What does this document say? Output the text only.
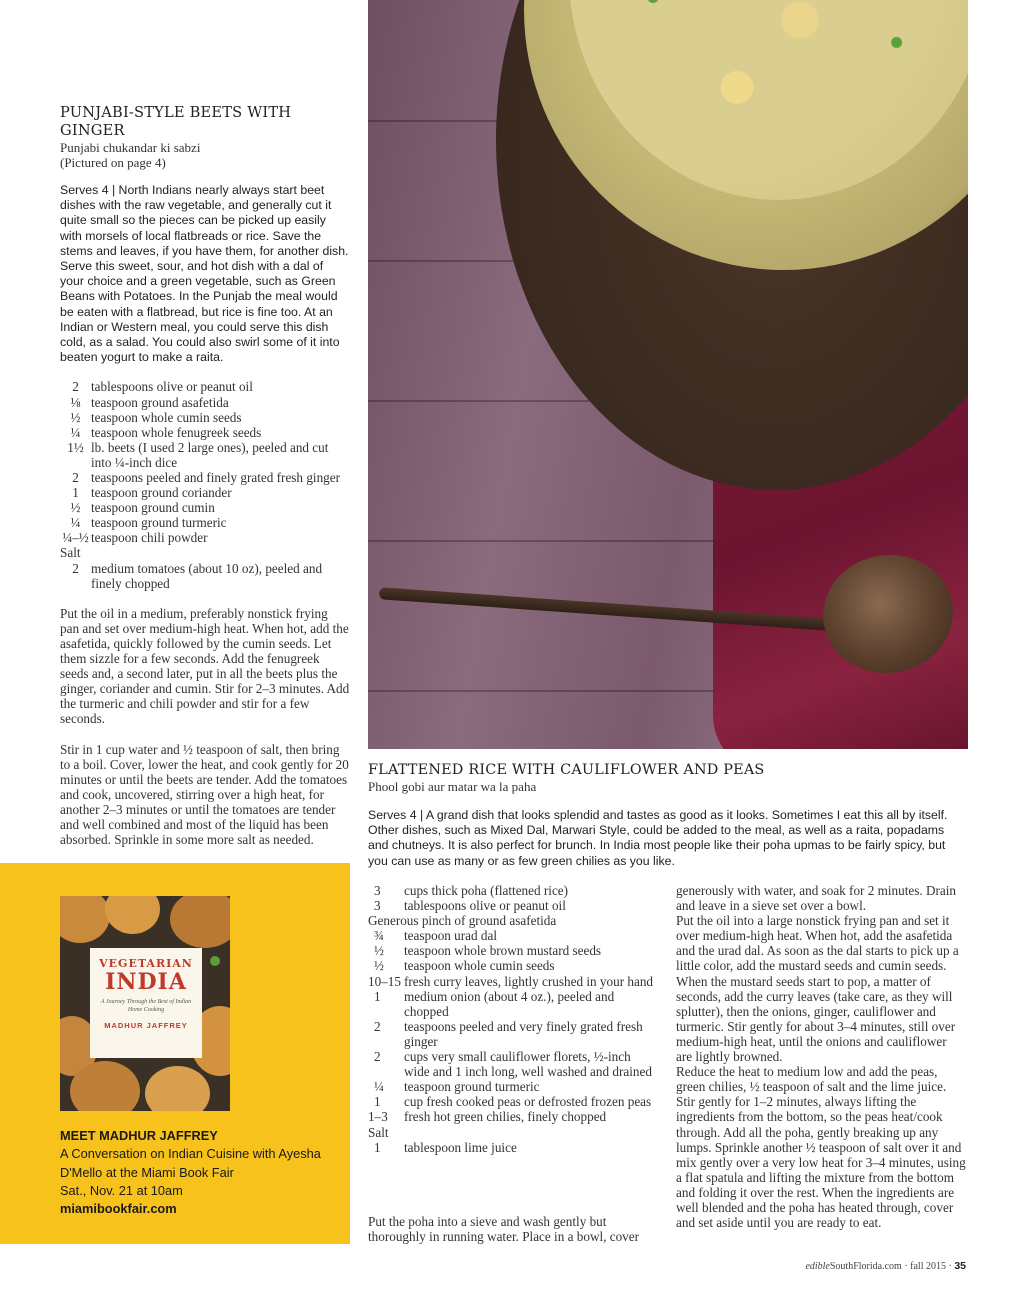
PUNJABI-STYLE BEETS WITH GINGER
Punjabi chukandar ki sabzi
(Pictured on page 4)
Serves 4 | North Indians nearly always start beet dishes with the raw vegetable, and generally cut it quite small so the pieces can be picked up easily with morsels of local flatbreads or rice. Save the stems and leaves, if you have them, for another dish. Serve this sweet, sour, and hot dish with a dal of your choice and a green vegetable, such as Green Beans with Potatoes. In the Punjab the meal would be eaten with a flatbread, but rice is fine too. At an Indian or Western meal, you could serve this dish cold, as a salad. You could also swirl some of it into beaten yogurt to make a raita.
2 tablespoons olive or peanut oil
⅛ teaspoon ground asafetida
½ teaspoon whole cumin seeds
¼ teaspoon whole fenugreek seeds
1½ lb. beets (I used 2 large ones), peeled and cut into ¼-inch dice
2 teaspoons peeled and finely grated fresh ginger
1 teaspoon ground coriander
½ teaspoon ground cumin
¼ teaspoon ground turmeric
¼–½ teaspoon chili powder
Salt
2 medium tomatoes (about 10 oz), peeled and finely chopped

Put the oil in a medium, preferably nonstick frying pan and set over medium-high heat. When hot, add the asafetida, quickly followed by the cumin seeds. Let them sizzle for a few seconds. Add the fenugreek seeds and, a second later, put in all the beets plus the ginger, coriander and cumin. Stir for 2–3 minutes. Add the turmeric and chili powder and stir for a few seconds.

Stir in 1 cup water and ½ teaspoon of salt, then bring to a boil. Cover, lower the heat, and cook gently for 20 minutes or until the beets are tender. Add the tomatoes and cook, uncovered, stirring over a high heat, for another 2–3 minutes or until the tomatoes are tender and well combined and most of the liquid has been absorbed. Sprinkle in some more salt as needed.

FLATTENED RICE WITH CAULIFLOWER AND PEAS
Phool gobi aur matar wa la paha
Serves 4 | A grand dish that looks splendid and tastes as good as it looks. Sometimes I eat this all by itself. Other dishes, such as Mixed Dal, Marwari Style, could be added to the meal, as well as a raita, popadams and chutneys. It is also perfect for brunch. In India most people like their poha upmas to be fairly spicy, but you can use as many or as few green chilies as you like.
3	cups thick poha (flattened rice)
3	tablespoons olive or peanut oil
Generous pinch of ground asafetida
¾	teaspoon urad dal
½	teaspoon whole brown mustard seeds
½	teaspoon whole cumin seeds
10–15 fresh curry leaves, lightly crushed in your hand
1	medium onion (about 4 oz.), peeled and chopped
2	teaspoons peeled and very finely grated fresh ginger
2	cups very small cauliflower florets, ½-inch wide and 1 inch long, well washed and drained
¼	teaspoon ground turmeric
1	cup fresh cooked peas or defrosted frozen peas
1–3	fresh hot green chilies, finely chopped
Salt
1	tablespoon lime juice

Put the poha into a sieve and wash gently but thoroughly in running water. Place in a bowl, cover

generously with water, and soak for 2 minutes. Drain and leave in a sieve set over a bowl.

Put the oil into a large nonstick frying pan and set it over medium-high heat. When hot, add the asafetida and the urad dal. As soon as the dal starts to pick up a little color, add the mustard seeds and cumin seeds. When the mustard seeds start to pop, a matter of seconds, add the curry leaves (take care, as they will splutter), then the onions, ginger, cauliflower and turmeric. Stir gently for about 3–4 minutes, still over medium-high heat, until the onions and cauliflower are lightly browned.

Reduce the heat to medium low and add the peas, green chilies, ½ teaspoon of salt and the lime juice. Stir gently for 1–2 minutes, always lifting the ingredients from the bottom, so the peas heat/cook through. Add all the poha, gently breaking up any lumps. Sprinkle another ½ teaspoon of salt over it and mix gently over a very low heat for 3–4 minutes, using a flat spatula and lifting the mixture from the bottom and folding it over the rest. When the ingredients are well blended and the poha has heated through, cover and set aside until you are ready to eat.

VEGETARIAN
INDIA
A Journey Through the Best of Indian Home Cooking
MADHUR JAFFREY
MEET MADHUR JAFFREY
A Conversation on Indian Cuisine with Ayesha D'Mello at the Miami Book Fair
Sat., Nov. 21 at 10am
miamibookfair.com
edibleSouthFlorida.com · fall 2015 · 35
